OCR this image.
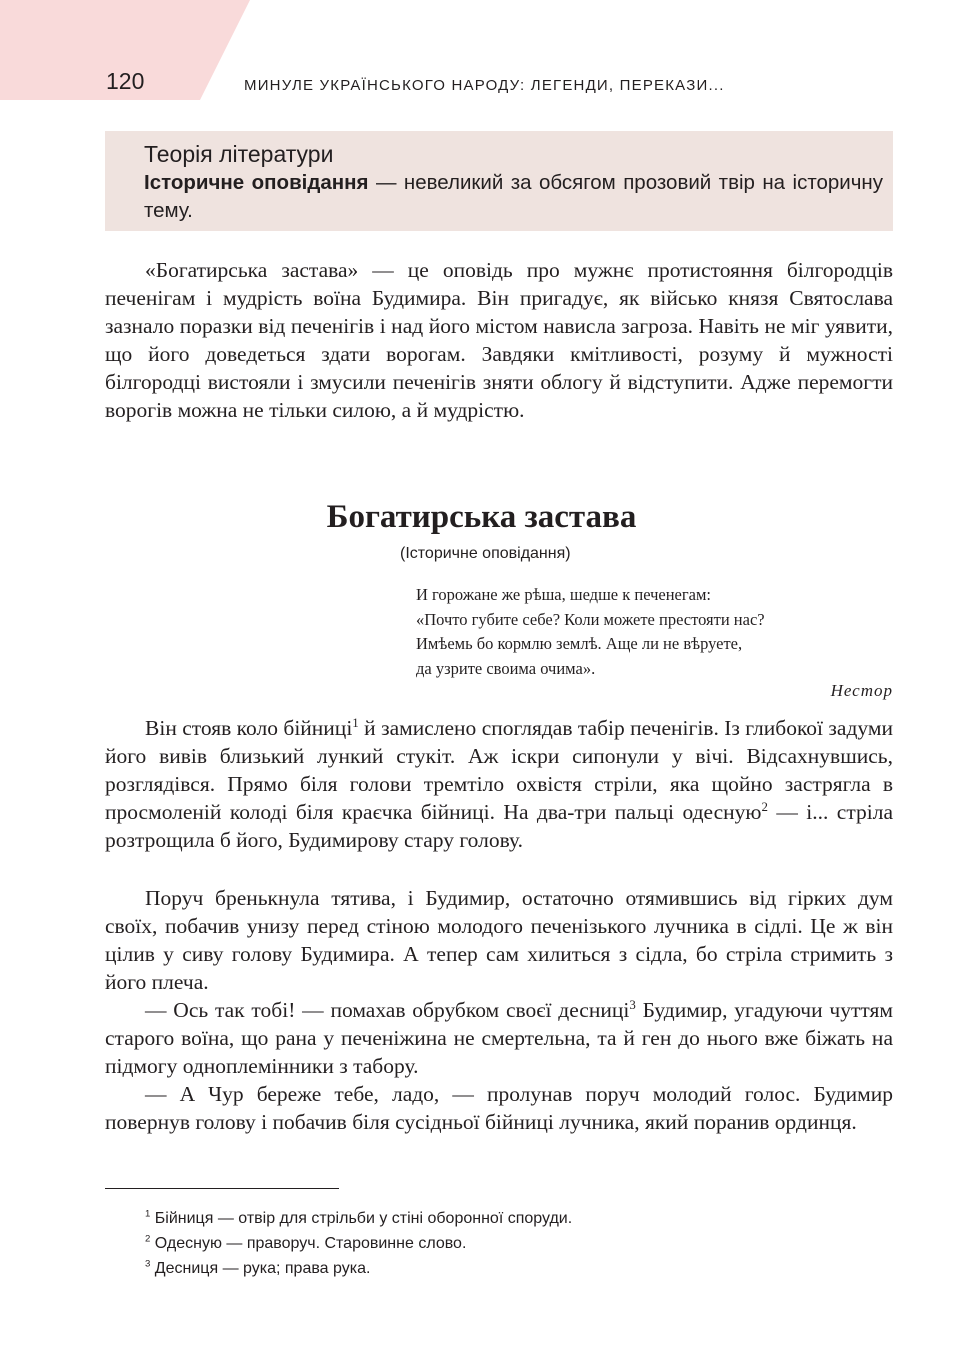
120	МИНУЛЕ УКРАЇНСЬКОГО НАРОДУ: ЛЕГЕНДИ, ПЕРЕКАЗИ...
Теорія літератури
Історичне оповідання — невеликий за обсягом прозовий твір на історичну тему.

«Богатирська застава» — це оповідь про мужнє протистояння білгородців печенігам і мудрість воїна Будимира. Він пригадує, як військо князя Святослава зазнало поразки від печенігів і над його містом нависла загроза. Навіть не міг уявити, що його доведеться здати ворогам. Завдяки кмітливості, розуму й мужності білгородці вистояли і змусили печенігів зняти облогу й відступити. Адже перемогти ворогів можна не тільки силою, а й мудрістю.

Богатирська застава
(Історичне оповідання)
И горожане же рѣша, шедше к печенегам:
«Почто губите себе? Коли можете престояти нас?
Имѣемь бо кормлю землѣ. Аще ли не вѣруете,
да узрите своима очима».
Нестор

Він стояв коло бійниці$^1$ й замислено споглядав табір печенігів. Із глибокої задуми його вивів близький лункий стукіт. Аж іскри сипонули у вічі. Відсахнувшись, розглядівся. Прямо біля голови тремтіло охвістя стріли, яка щойно застрягла в просмоленій колоді біля краєчка бійниці. На два-три пальці одесную$^2$ — і... стріла розтрощила б його, Будимирову стару голову.

Поруч бренькнула тятива, і Будимир, остаточно отямившись від гірких дум своїх, побачив унизу перед стіною молодого печенізького лучника в сідлі. Це ж він цілив у сиву голову Будимира. А тепер сам хилиться з сідла, бо стріла стримить з його плеча.

— Ось так тобі! — помахав обрубком своєї десниці$^3$ Будимир, угадуючи чуттям старого воїна, що рана у печеніжина не смертельна, та й ген до нього вже біжать на підмогу одноплемінники з табору.

— А Чур береже тебе, ладо, — пролунав поруч молодий голос. Будимир повернув голову і побачив біля сусідньої бійниці лучника, який поранив ординця.

$^1$ Бійниця — отвір для стрільби у стіні оборонної споруди.
$^2$ Одесную — праворуч. Старовинне слово.
$^3$ Десниця — рука; права рука.
